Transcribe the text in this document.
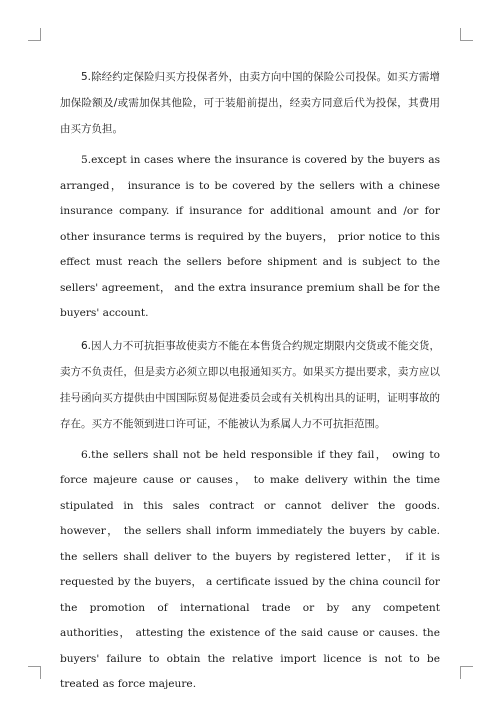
5.除经约定保险归买方投保者外，由卖方向中国的保险公司投保。如买方需增加保险额及/或需加保其他险，可于装船前提出，经卖方同意后代为投保，其费用由买方负担。

5.except in cases where the insurance is covered by the buyers as arranged， insurance is to be covered by the sellers with a chinese insurance company. if insurance for additional amount and /or for other insurance terms is required by the buyers， prior notice to this effect must reach the sellers before shipment and is subject to the sellers' agreement， and the extra insurance premium shall be for the buyers' account.

6.因人力不可抗拒事故使卖方不能在本售货合约规定期限内交货或不能交货，卖方不负责任，但是卖方必须立即以电报通知买方。如果买方提出要求，卖方应以挂号函向买方提供由中国国际贸易促进委员会或有关机构出具的证明，证明事故的存在。买方不能领到进口许可证，不能被认为系属人力不可抗拒范围。

6.the sellers shall not be held responsible if they fail， owing to force majeure cause or causes， to make delivery within the time stipulated in this sales contract or cannot deliver the goods. however， the sellers shall inform immediately the buyers by cable. the sellers shall deliver to the buyers by registered letter， if it is requested by the buyers， a certificate issued by the china council for the promotion of international trade or by any competent authorities， attesting the existence of the said cause or causes. the buyers' failure to obtain the relative import licence is not to be treated as force majeure.
